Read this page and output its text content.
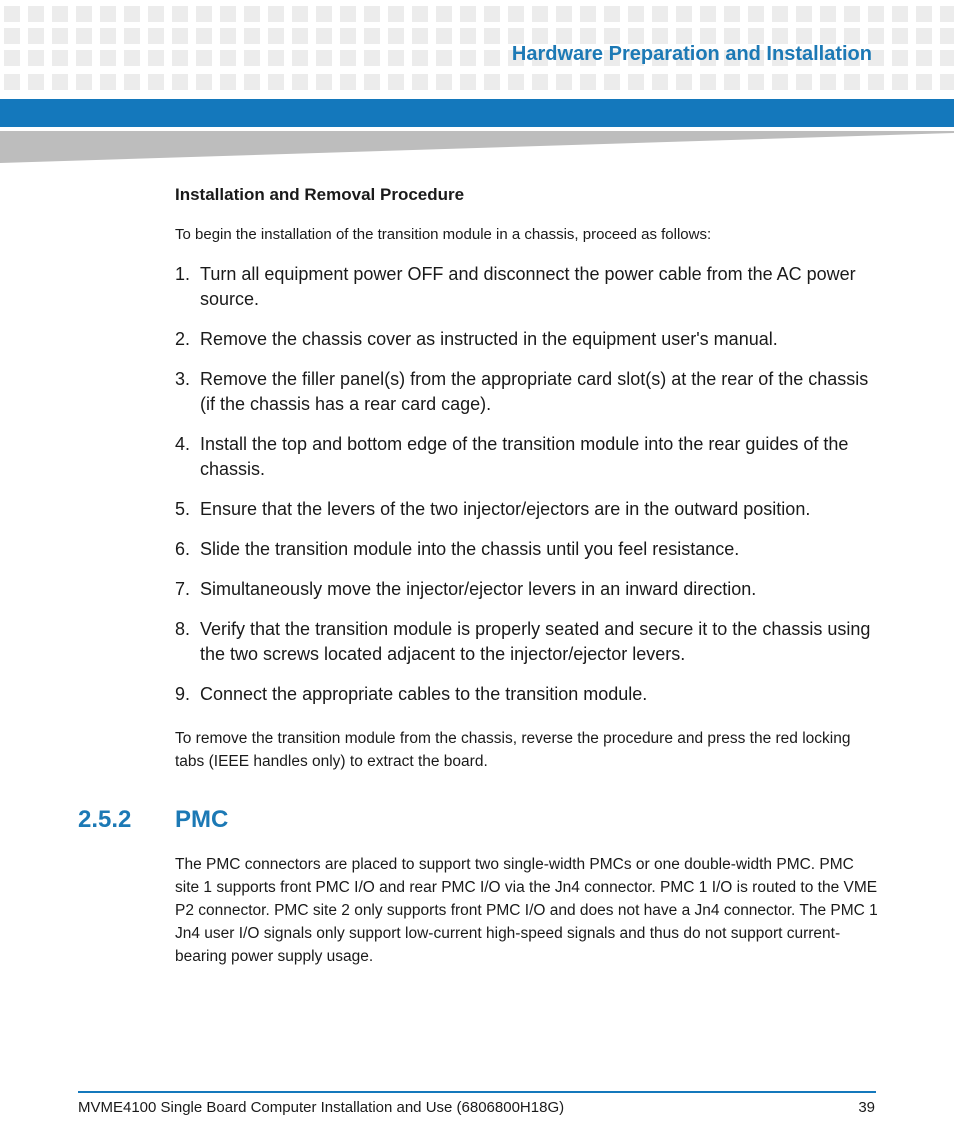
Hardware Preparation and Installation
Installation and Removal Procedure
To begin the installation of the transition module in a chassis, proceed as follows:
1. Turn all equipment power OFF and disconnect the power cable from the AC power source.
2. Remove the chassis cover as instructed in the equipment user's manual.
3. Remove the filler panel(s) from the appropriate card slot(s) at the rear of the chassis (if the chassis has a rear card cage).
4. Install the top and bottom edge of the transition module into the rear guides of the chassis.
5. Ensure that the levers of the two injector/ejectors are in the outward position.
6. Slide the transition module into the chassis until you feel resistance.
7. Simultaneously move the injector/ejector levers in an inward direction.
8. Verify that the transition module is properly seated and secure it to the chassis using the two screws located adjacent to the injector/ejector levers.
9. Connect the appropriate cables to the transition module.
To remove the transition module from the chassis, reverse the procedure and press the red locking tabs (IEEE handles only) to extract the board.
2.5.2 PMC
The PMC connectors are placed to support two single-width PMCs or one double-width PMC. PMC site 1 supports front PMC I/O and rear PMC I/O via the Jn4 connector. PMC 1 I/O is routed to the VME P2 connector. PMC site 2 only supports front PMC I/O and does not have a Jn4 connector. The PMC 1 Jn4 user I/O signals only support low-current high-speed signals and thus do not support current-bearing power supply usage.
MVME4100 Single Board Computer Installation and Use (6806800H18G)	39
